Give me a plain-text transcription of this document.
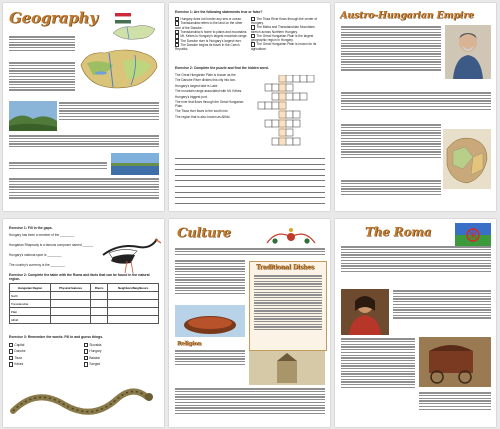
Geography	Exercise 1: Are the following statements true or false?
Hungary does not border any sea or ocean.
Transdanubia refers to the land on the other side of the Danube.
Transdanubia is home to plains and mountains.
Mt. Kékes is Hungary's largest mountain range.
The Danube river is Hungary's largest river.
The Danube begins its travel in the Czech Republic.
The Tisza River flows through the center of Hungary.
The Mátra and Transdanubian Mountains stretch across Northern Hungary.
The Great Hungarian Plain is the largest geographic region in Hungary.
The Great Hungarian Plain is known for its agriculture.
Exercise 2: Complete the puzzle and find the hidden word.
The Great Hungarian Plain is known as the
The Danube River divides this city into two.
Hungary's largest lake is Lake
The mountain range associated with Mt. Kékes.
Hungary's biggest port.
The river that flows through the Great Hungarian Plain.
The Tisza river flows to the south into
The region that is also known as Alföld.
Austro-Hungarian Empire
Exercise 1: Fill in the gaps.
Hungary has been a member of the ________
Hungarian Rhapsody is a famous composer named ______
Hungary's national sport is ________
The country's currency is the ________
Exercise 2: Complete the table with the Roma and facts that can be found in the natural region.
Hungarian Region	Physical features	Rivers	Neighbors/Neighbours
North			
Transdanubia			
Plain			
Alföld			
Exercise 3: Remember the words: Fill in and guess things.
Capital	Slovakia
Danube	Hungary
Tisza	Balaton
Kékes	Szeged
Culture
Traditional Dishes
Religion
The Roma
